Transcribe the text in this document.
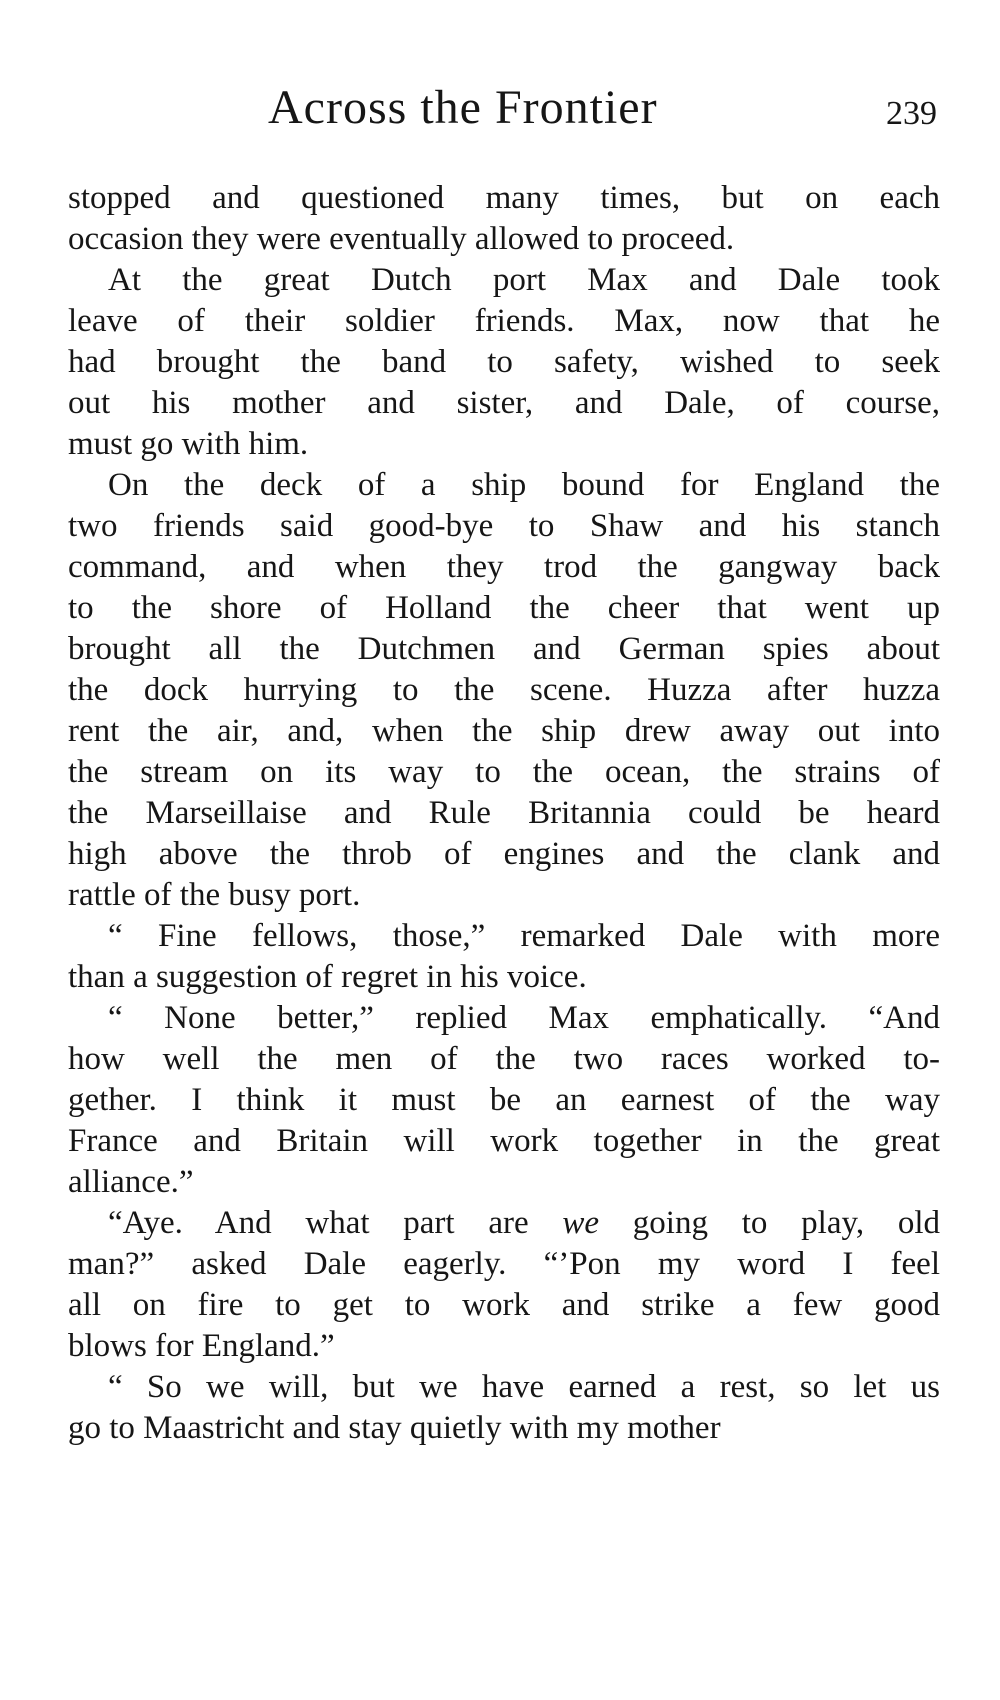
Across the Frontier	239
stopped and questioned many times, but on each
occasion they were eventually allowed to proceed.
At the great Dutch port Max and Dale took
leave of their soldier friends. Max, now that he
had brought the band to safety, wished to seek
out his mother and sister, and Dale, of course,
must go with him.
On the deck of a ship bound for England the
two friends said good-bye to Shaw and his stanch
command, and when they trod the gangway back
to the shore of Holland the cheer that went up
brought all the Dutchmen and German spies about
the dock hurrying to the scene. Huzza after huzza
rent the air, and, when the ship drew away out into
the stream on its way to the ocean, the strains of
the Marseillaise and Rule Britannia could be heard
high above the throb of engines and the clank and
rattle of the busy port.
“ Fine fellows, those,” remarked Dale with more
than a suggestion of regret in his voice.
“ None better,” replied Max emphatically. “And
how well the men of the two races worked to-
gether. I think it must be an earnest of the way
France and Britain will work together in the great
alliance.”
“Aye. And what part are we going to play, old
man?” asked Dale eagerly. “’Pon my word I feel
all on fire to get to work and strike a few good
blows for England.”
“ So we will, but we have earned a rest, so let us
go to Maastricht and stay quietly with my mother
